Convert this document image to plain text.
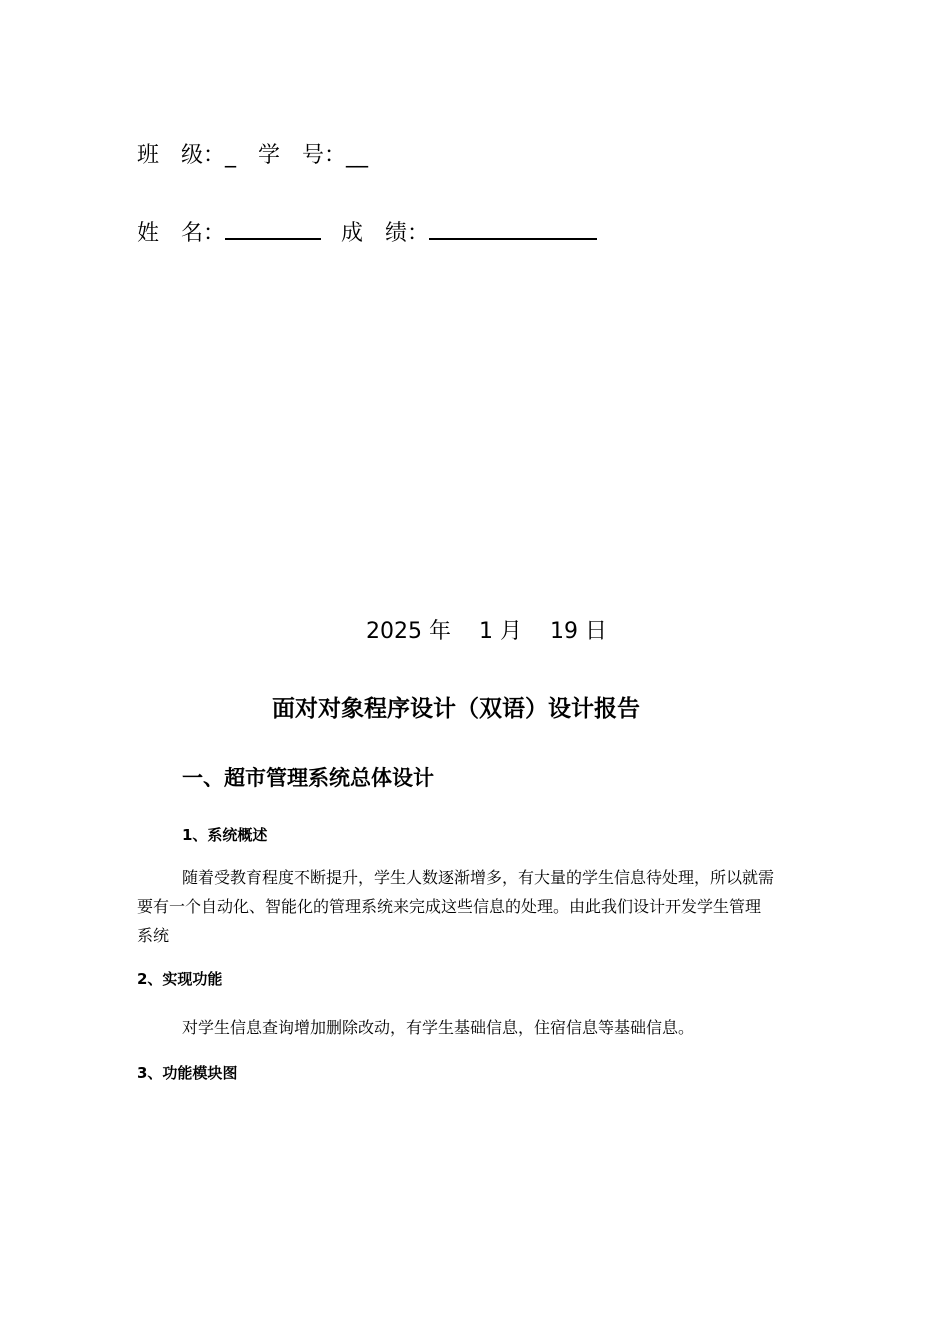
班　级：_ 学　号：__
姓　名：	成　绩：
2025 年 1 月 19 日
面对对象程序设计（双语）设计报告
一、超市管理系统总体设计
1、系统概述
随着受教育程度不断提升，学生人数逐渐增多，有大量的学生信息待处理，所以就需
要有一个自动化、智能化的管理系统来完成这些信息的处理。由此我们设计开发学生管理
系统
2、实现功能
对学生信息查询增加删除改动，有学生基础信息，住宿信息等基础信息。
3、功能模块图
